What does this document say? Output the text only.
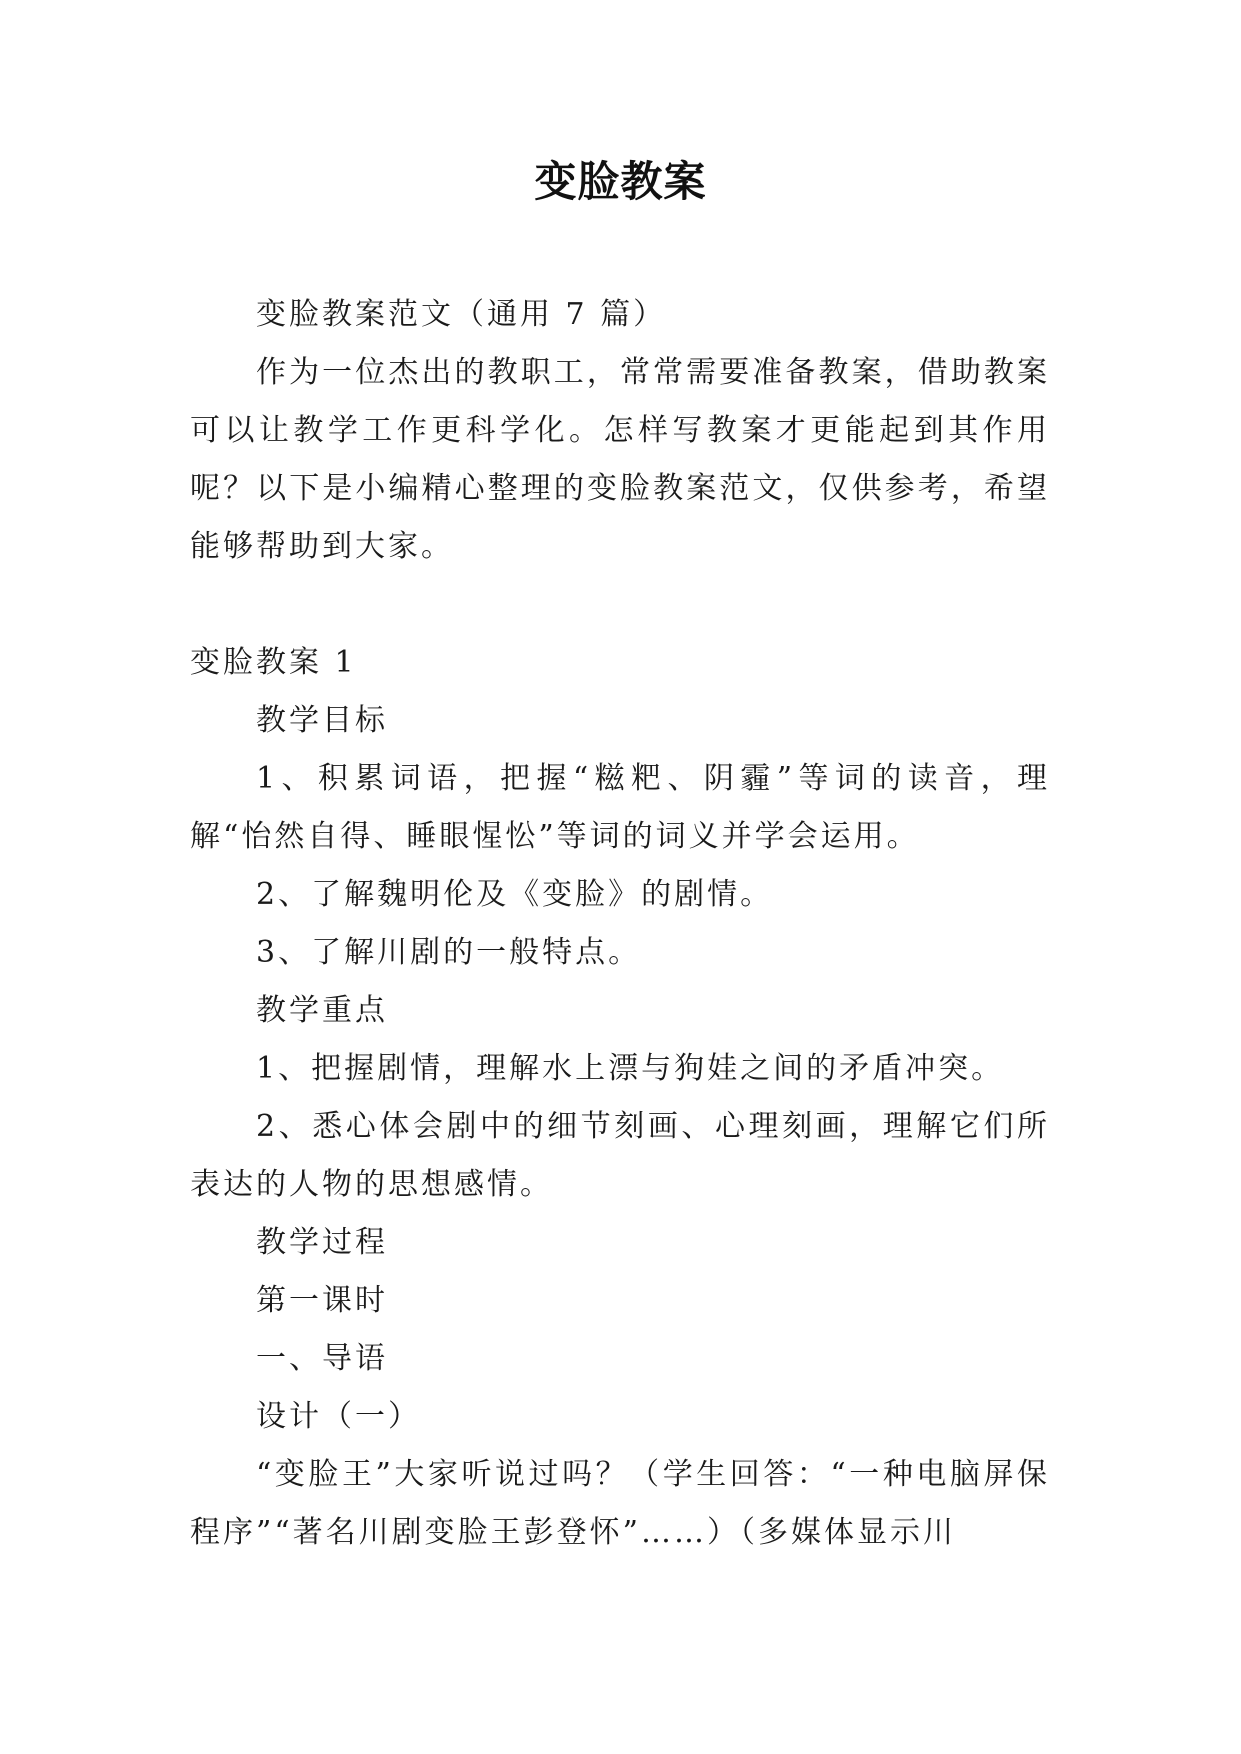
变脸教案

变脸教案范文（通用 7 篇）

作为一位杰出的教职工，常常需要准备教案，借助教案可以让教学工作更科学化。怎样写教案才更能起到其作用呢？以下是小编精心整理的变脸教案范文，仅供参考，希望能够帮助到大家。

变脸教案 1

教学目标

1、积累词语，把握“糍粑、阴霾”等词的读音，理解“怡然自得、睡眼惺忪”等词的词义并学会运用。

2、了解魏明伦及《变脸》的剧情。

3、了解川剧的一般特点。

教学重点

1、把握剧情，理解水上漂与狗娃之间的矛盾冲突。

2、悉心体会剧中的细节刻画、心理刻画，理解它们所表达的人物的思想感情。

教学过程

第一课时

一、导语

设计（一）

“变脸王”大家听说过吗？（学生回答：“一种电脑屏保程序”“著名川剧变脸王彭登怀”……）（多媒体显示川
